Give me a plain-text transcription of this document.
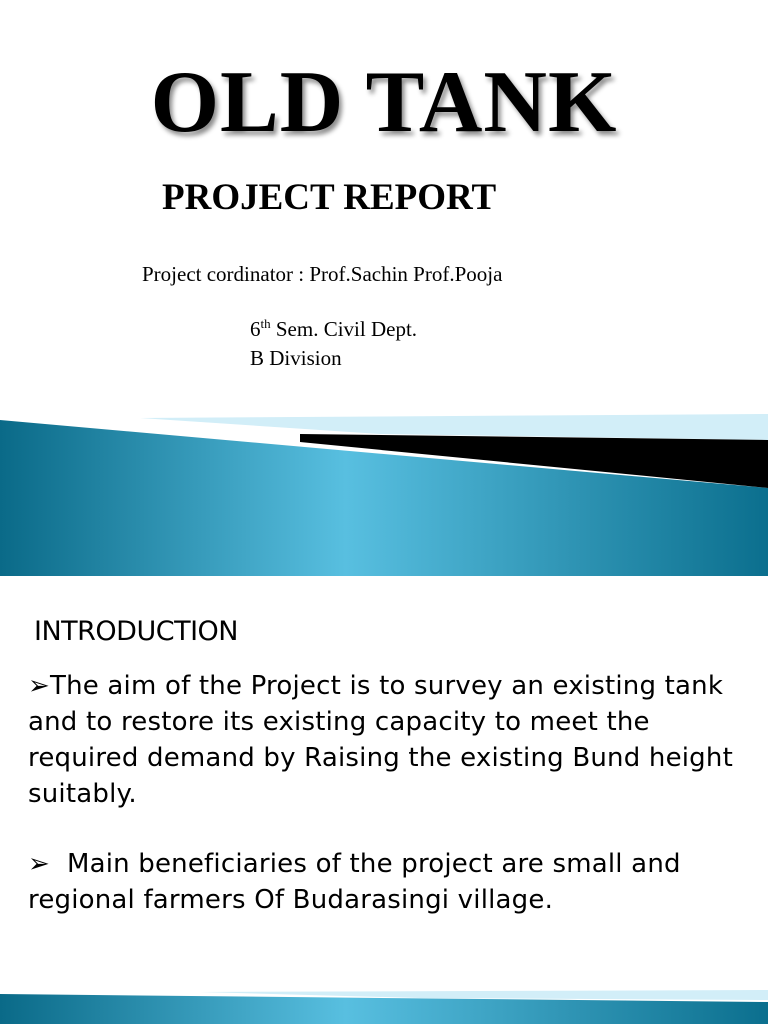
OLD TANK
PROJECT REPORT
Project cordinator : Prof.Sachin Prof.Pooja
6th Sem. Civil Dept.
B Division
INTRODUCTION

➢The aim of the Project is to survey an existing tank and to restore its existing capacity to meet the required demand by Raising the existing Bund height suitably.

➢ Main beneficiaries of the project are small and regional farmers Of Budarasingi village.
